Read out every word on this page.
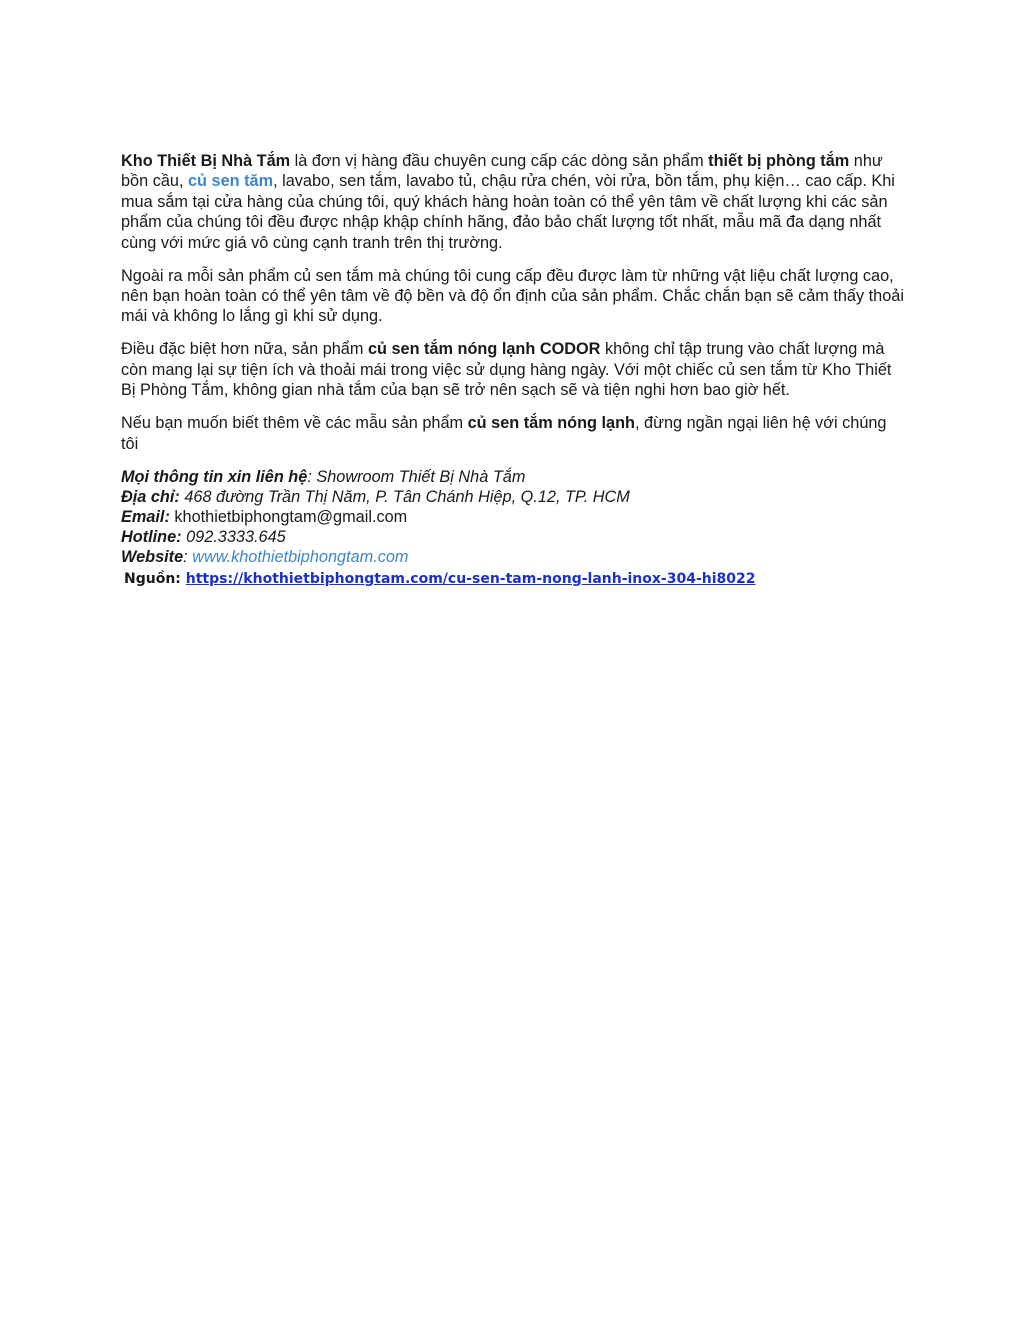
Kho Thiết Bị Nhà Tắm là đơn vị hàng đầu chuyên cung cấp các dòng sản phẩm thiết bị phòng tắm như bồn cầu, củ sen tăm, lavabo, sen tắm, lavabo tủ, chậu rửa chén, vòi rửa, bồn tắm, phụ kiện… cao cấp. Khi mua sắm tại cửa hàng của chúng tôi, quý khách hàng hoàn toàn có thể yên tâm về chất lượng khi các sản phẩm của chúng tôi đều được nhập khập chính hãng, đảo bảo chất lượng tốt nhất, mẫu mã đa dạng nhất cùng với mức giá vô cùng cạnh tranh trên thị trường.

Ngoài ra mỗi sản phẩm củ sen tắm mà chúng tôi cung cấp đều được làm từ những vật liệu chất lượng cao, nên bạn hoàn toàn có thể yên tâm về độ bền và độ ổn định của sản phẩm. Chắc chắn bạn sẽ cảm thấy thoải mái và không lo lắng gì khi sử dụng.

Điều đặc biệt hơn nữa, sản phẩm củ sen tắm nóng lạnh CODOR không chỉ tập trung vào chất lượng mà còn mang lại sự tiện ích và thoải mái trong việc sử dụng hàng ngày. Với một chiếc củ sen tắm từ Kho Thiết Bị Phòng Tắm, không gian nhà tắm của bạn sẽ trở nên sạch sẽ và tiện nghi hơn bao giờ hết.

Nếu bạn muốn biết thêm về các mẫu sản phẩm củ sen tắm nóng lạnh, đừng ngần ngại liên hệ với chúng tôi

Mọi thông tin xin liên hệ: Showroom Thiết Bị Nhà Tắm
Địa chỉ: 468 đường Trần Thị Năm, P. Tân Chánh Hiệp, Q.12, TP. HCM
Email: khothietbiphongtam@gmail.com
Hotline: 092.3333.645
Website: www.khothietbiphongtam.com
Nguồn: https://khothietbiphongtam.com/cu-sen-tam-nong-lanh-inox-304-hi8022
